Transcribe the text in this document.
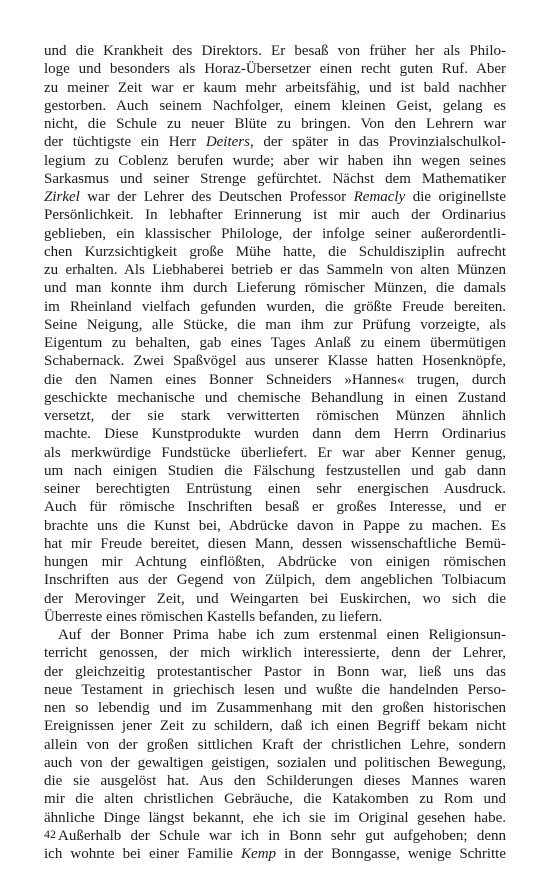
und die Krankheit des Direktors. Er besaß von früher her als Philo-
loge und besonders als Horaz-Übersetzer einen recht guten Ruf. Aber
zu meiner Zeit war er kaum mehr arbeitsfähig, und ist bald nachher
gestorben. Auch seinem Nachfolger, einem kleinen Geist, gelang es
nicht, die Schule zu neuer Blüte zu bringen. Von den Lehrern war
der tüchtigste ein Herr Deiters, der später in das Provinzialschulkol-
legium zu Coblenz berufen wurde; aber wir haben ihn wegen seines
Sarkasmus und seiner Strenge gefürchtet. Nächst dem Mathematiker
Zirkel war der Lehrer des Deutschen Professor Remacly die originellste
Persönlichkeit. In lebhafter Erinnerung ist mir auch der Ordinarius
geblieben, ein klassischer Philologe, der infolge seiner außerordentli-
chen Kurzsichtigkeit große Mühe hatte, die Schuldisziplin aufrecht
zu erhalten. Als Liebhaberei betrieb er das Sammeln von alten Münzen
und man konnte ihm durch Lieferung römischer Münzen, die damals
im Rheinland vielfach gefunden wurden, die größte Freude bereiten.
Seine Neigung, alle Stücke, die man ihm zur Prüfung vorzeigte, als
Eigentum zu behalten, gab eines Tages Anlaß zu einem übermütigen
Schabernack. Zwei Spaßvögel aus unserer Klasse hatten Hosenknöpfe,
die den Namen eines Bonner Schneiders »Hannes« trugen, durch
geschickte mechanische und chemische Behandlung in einen Zustand
versetzt, der sie stark verwitterten römischen Münzen ähnlich
machte. Diese Kunstprodukte wurden dann dem Herrn Ordinarius
als merkwürdige Fundstücke überliefert. Er war aber Kenner genug,
um nach einigen Studien die Fälschung festzustellen und gab dann
seiner berechtigten Entrüstung einen sehr energischen Ausdruck.
Auch für römische Inschriften besaß er großes Interesse, und er
brachte uns die Kunst bei, Abdrücke davon in Pappe zu machen. Es
hat mir Freude bereitet, diesen Mann, dessen wissenschaftliche Bemü-
hungen mir Achtung einflößten, Abdrücke von einigen römischen
Inschriften aus der Gegend von Zülpich, dem angeblichen Tolbiacum
der Merovinger Zeit, und Weingarten bei Euskirchen, wo sich die
Überreste eines römischen Kastells befanden, zu liefern.
Auf der Bonner Prima habe ich zum erstenmal einen Religionsun-
terricht genossen, der mich wirklich interessierte, denn der Lehrer,
der gleichzeitig protestantischer Pastor in Bonn war, ließ uns das
neue Testament in griechisch lesen und wußte die handelnden Perso-
nen so lebendig und im Zusammenhang mit den großen historischen
Ereignissen jener Zeit zu schildern, daß ich einen Begriff bekam nicht
allein von der großen sittlichen Kraft der christlichen Lehre, sondern
auch von der gewaltigen geistigen, sozialen und politischen Bewegung,
die sie ausgelöst hat. Aus den Schilderungen dieses Mannes waren
mir die alten christlichen Gebräuche, die Katakomben zu Rom und
ähnliche Dinge längst bekannt, ehe ich sie im Original gesehen habe.
Außerhalb der Schule war ich in Bonn sehr gut aufgehoben; denn
ich wohnte bei einer Familie Kemp in der Bonngasse, wenige Schritte
42
